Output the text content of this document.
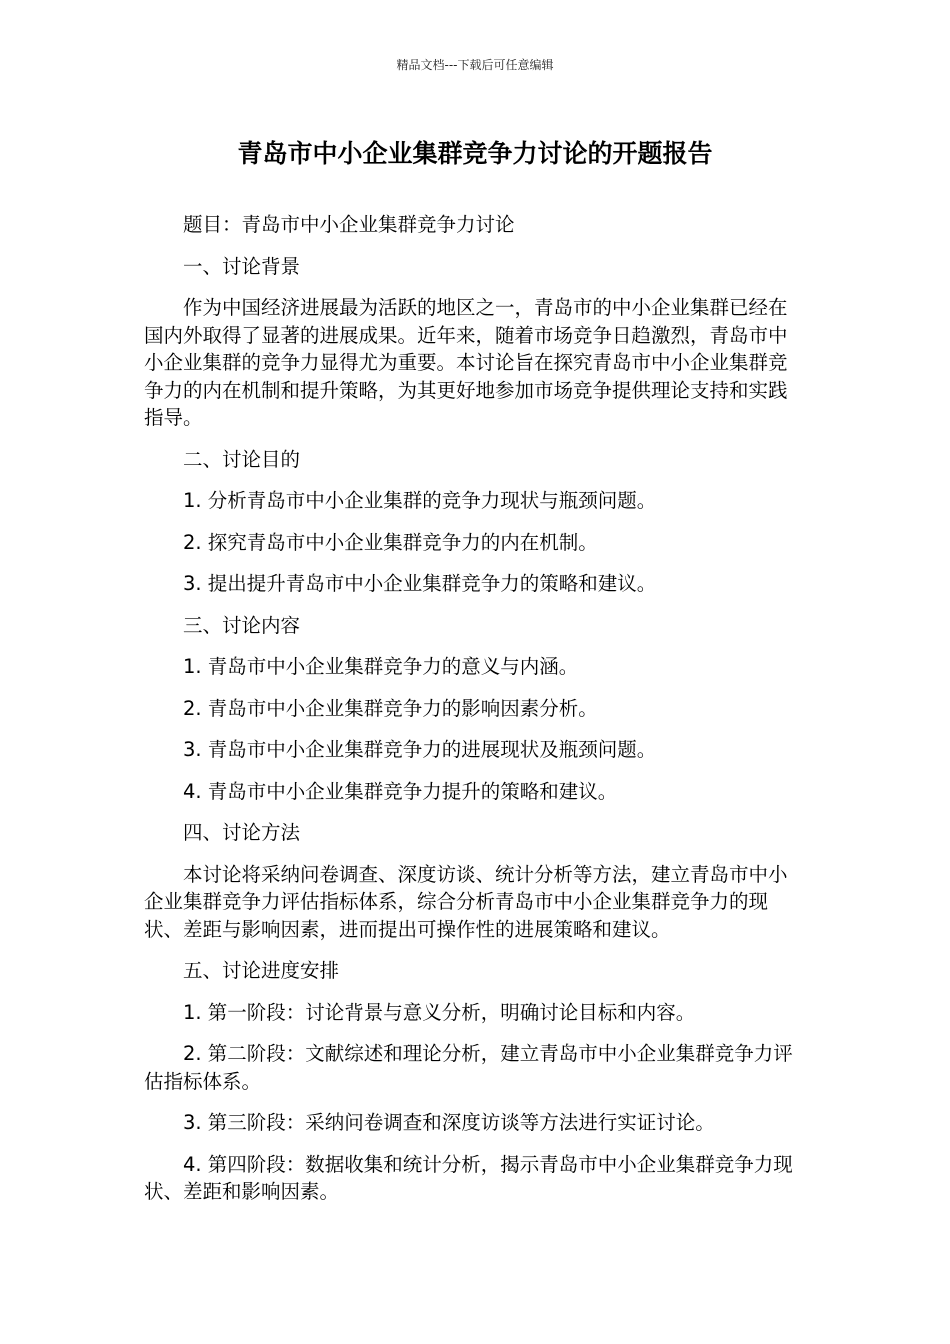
精品文档---下载后可任意编辑
青岛市中小企业集群竞争力讨论的开题报告

题目：青岛市中小企业集群竞争力讨论

一、讨论背景

作为中国经济进展最为活跃的地区之一，青岛市的中小企业集群已经在国内外取得了显著的进展成果。近年来，随着市场竞争日趋激烈，青岛市中小企业集群的竞争力显得尤为重要。本讨论旨在探究青岛市中小企业集群竞争力的内在机制和提升策略，为其更好地参加市场竞争提供理论支持和实践指导。

二、讨论目的

1. 分析青岛市中小企业集群的竞争力现状与瓶颈问题。

2. 探究青岛市中小企业集群竞争力的内在机制。

3. 提出提升青岛市中小企业集群竞争力的策略和建议。

三、讨论内容

1. 青岛市中小企业集群竞争力的意义与内涵。

2. 青岛市中小企业集群竞争力的影响因素分析。

3. 青岛市中小企业集群竞争力的进展现状及瓶颈问题。

4. 青岛市中小企业集群竞争力提升的策略和建议。

四、讨论方法

本讨论将采纳问卷调查、深度访谈、统计分析等方法，建立青岛市中小企业集群竞争力评估指标体系，综合分析青岛市中小企业集群竞争力的现状、差距与影响因素，进而提出可操作性的进展策略和建议。

五、讨论进度安排

1. 第一阶段：讨论背景与意义分析，明确讨论目标和内容。

2. 第二阶段：文献综述和理论分析，建立青岛市中小企业集群竞争力评估指标体系。

3. 第三阶段：采纳问卷调查和深度访谈等方法进行实证讨论。

4. 第四阶段：数据收集和统计分析，揭示青岛市中小企业集群竞争力现状、差距和影响因素。
